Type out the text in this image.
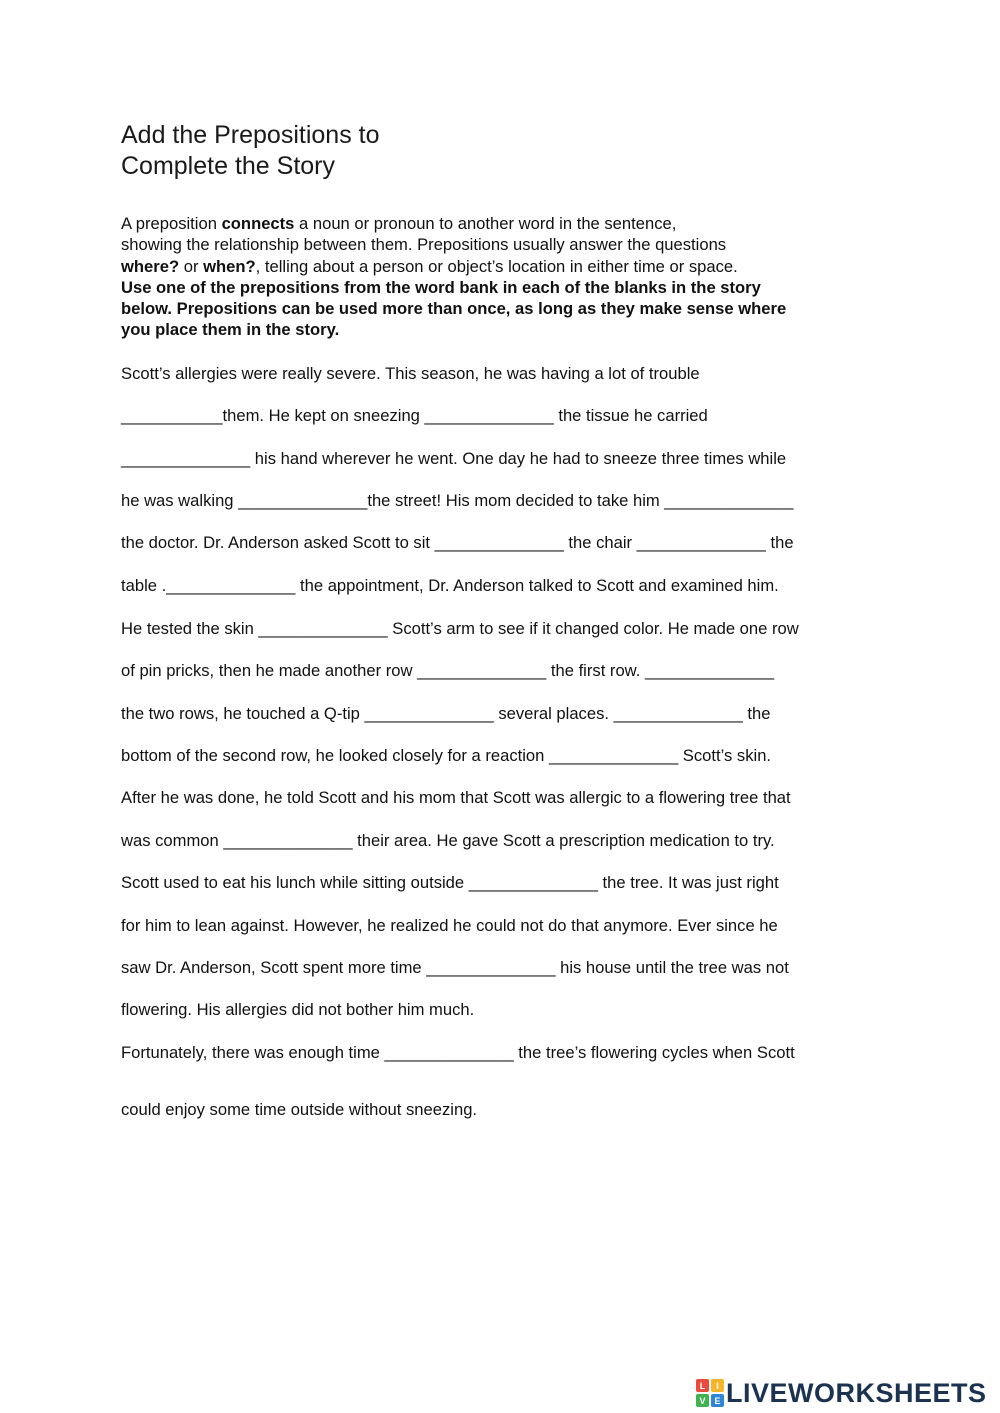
Add the Prepositions to
Complete the Story
A preposition connects a noun or pronoun to another word in the sentence,
showing the relationship between them. Prepositions usually answer the questions
where? or when?, telling about a person or object’s location in either time or space.
Use one of the prepositions from the word bank in each of the blanks in the story
below. Prepositions can be used more than once, as long as they make sense where
you place them in the story.
Scott’s allergies were really severe. This season, he was having a lot of trouble
___________them. He kept on sneezing ______________ the tissue he carried
______________ his hand wherever he went. One day he had to sneeze three times while
he was walking ______________the street! His mom decided to take him ______________
the doctor. Dr. Anderson asked Scott to sit ______________ the chair ______________ the
table .______________ the appointment, Dr. Anderson talked to Scott and examined him.
He tested the skin ______________ Scott’s arm to see if it changed color. He made one row
of pin pricks, then he made another row ______________ the first row. ______________
the two rows, he touched a Q-tip ______________ several places. ______________ the
bottom of the second row, he looked closely for a reaction ______________ Scott’s skin.
After he was done, he told Scott and his mom that Scott was allergic to a flowering tree that
was common ______________ their area. He gave Scott a prescription medication to try.
Scott used to eat his lunch while sitting outside ______________ the tree. It was just right
for him to lean against. However, he realized he could not do that anymore. Ever since he
saw Dr. Anderson, Scott spent more time ______________ his house until the tree was not
flowering. His allergies did not bother him much.
Fortunately, there was enough time ______________ the tree’s flowering cycles when Scott
could enjoy some time outside without sneezing.
L I
V E LIVEWORKSHEETS
